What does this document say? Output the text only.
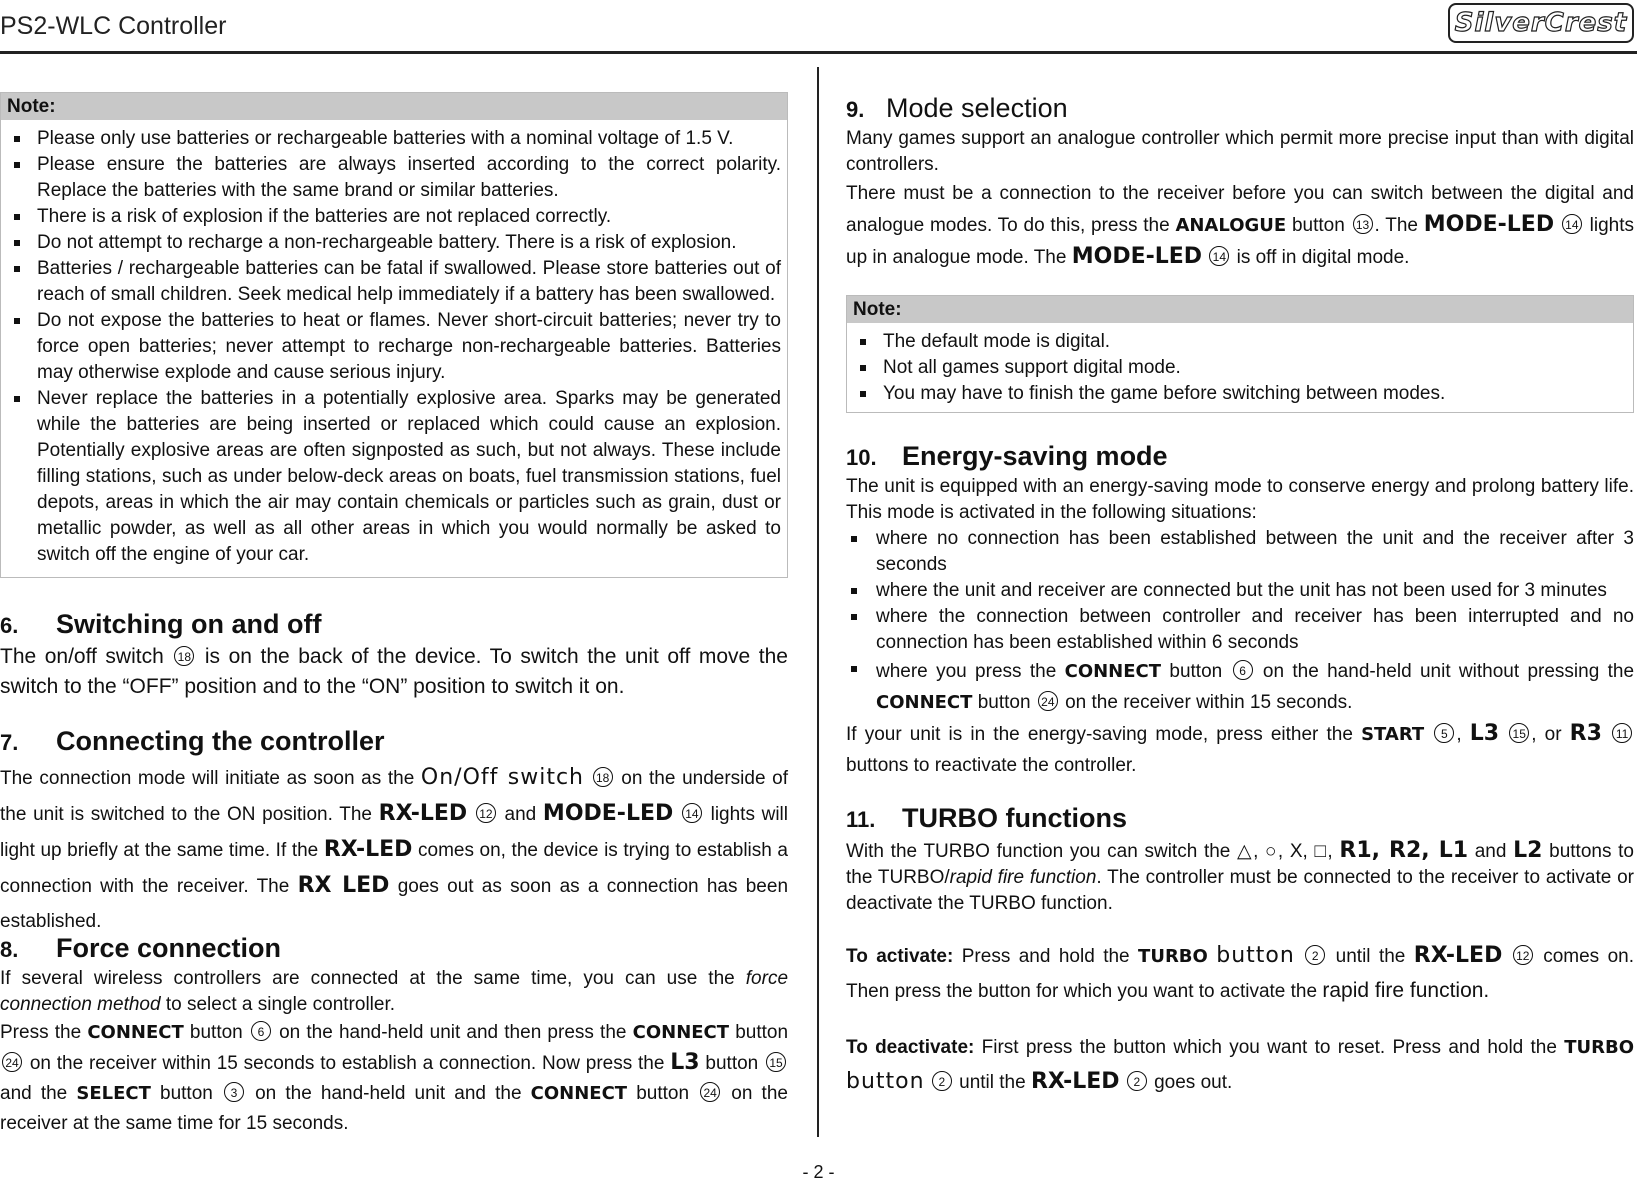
PS2-WLC Controller	SilverCrest
Note:
Please only use batteries or rechargeable batteries with a nominal voltage of 1.5 V.
Please ensure the batteries are always inserted according to the correct polarity. Replace the batteries with the same brand or similar batteries.
There is a risk of explosion if the batteries are not replaced correctly.
Do not attempt to recharge a non-rechargeable battery. There is a risk of explosion.
Batteries / rechargeable batteries can be fatal if swallowed. Please store batteries out of reach of small children. Seek medical help immediately if a battery has been swallowed.
Do not expose the batteries to heat or flames. Never short-circuit batteries; never try to force open batteries; never attempt to recharge non-rechargeable batteries. Batteries may otherwise explode and cause serious injury.
Never replace the batteries in a potentially explosive area. Sparks may be generated while the batteries are being inserted or replaced which could cause an explosion. Potentially explosive areas are often signposted as such, but not always. These include filling stations, such as under below-deck areas on boats, fuel transmission stations, fuel depots, areas in which the air may contain chemicals or particles such as grain, dust or metallic powder, as well as all other areas in which you would normally be asked to switch off the engine of your car.
6. Switching on and off

The on/off switch 18 is on the back of the device. To switch the unit off move the switch to the “OFF” position and to the “ON” position to switch it on.

7. Connecting the controller

The connection mode will initiate as soon as the On/Off switch 18 on the underside of the unit is switched to the ON position. The RX-LED 12 and MODE-LED 14 lights will light up briefly at the same time. If the RX-LED comes on, the device is trying to establish a connection with the receiver. The RX LED goes out as soon as a connection has been established.

8. Force connection

If several wireless controllers are connected at the same time, you can use the force connection method to select a single controller.

Press the CONNECT button 6 on the hand-held unit and then press the CONNECT button 24 on the receiver within 15 seconds to establish a connection. Now press the L3 button 15 and the SELECT button 3 on the hand-held unit and the CONNECT button 24 on the receiver at the same time for 15 seconds.

9. Mode selection

Many games support an analogue controller which permit more precise input than with digital controllers.

There must be a connection to the receiver before you can switch between the digital and analogue modes. To do this, press the ANALOGUE button 13 . The MODE-LED 14 lights up in analogue mode. The MODE-LED 14 is off in digital mode.

Note:
The default mode is digital.
Not all games support digital mode.
You may have to finish the game before switching between modes.
10. Energy-saving mode

The unit is equipped with an energy-saving mode to conserve energy and prolong battery life. This mode is activated in the following situations:

where no connection has been established between the unit and the receiver after 3 seconds
where the unit and receiver are connected but the unit has not been used for 3 minutes
where the connection between controller and receiver has been interrupted and no connection has been established within 6 seconds
where you press the CONNECT button 6 on the hand-held unit without pressing the CONNECT button 24 on the receiver within 15 seconds.

If your unit is in the energy-saving mode, press either the START 5 , L3 15 , or R3 11 buttons to reactivate the controller.

11. TURBO functions

With the TURBO function you can switch the △, ○, X, □, R1, R2, L1 and L2 buttons to the TURBO/rapid fire function. The controller must be connected to the receiver to activate or deactivate the TURBO function.

To activate: Press and hold the TURBO button 2 until the RX-LED 12 comes on. Then press the button for which you want to activate the rapid fire function.

To deactivate: First press the button which you want to reset. Press and hold the TURBO button 2 until the RX-LED 2 goes out.

- 2 -
